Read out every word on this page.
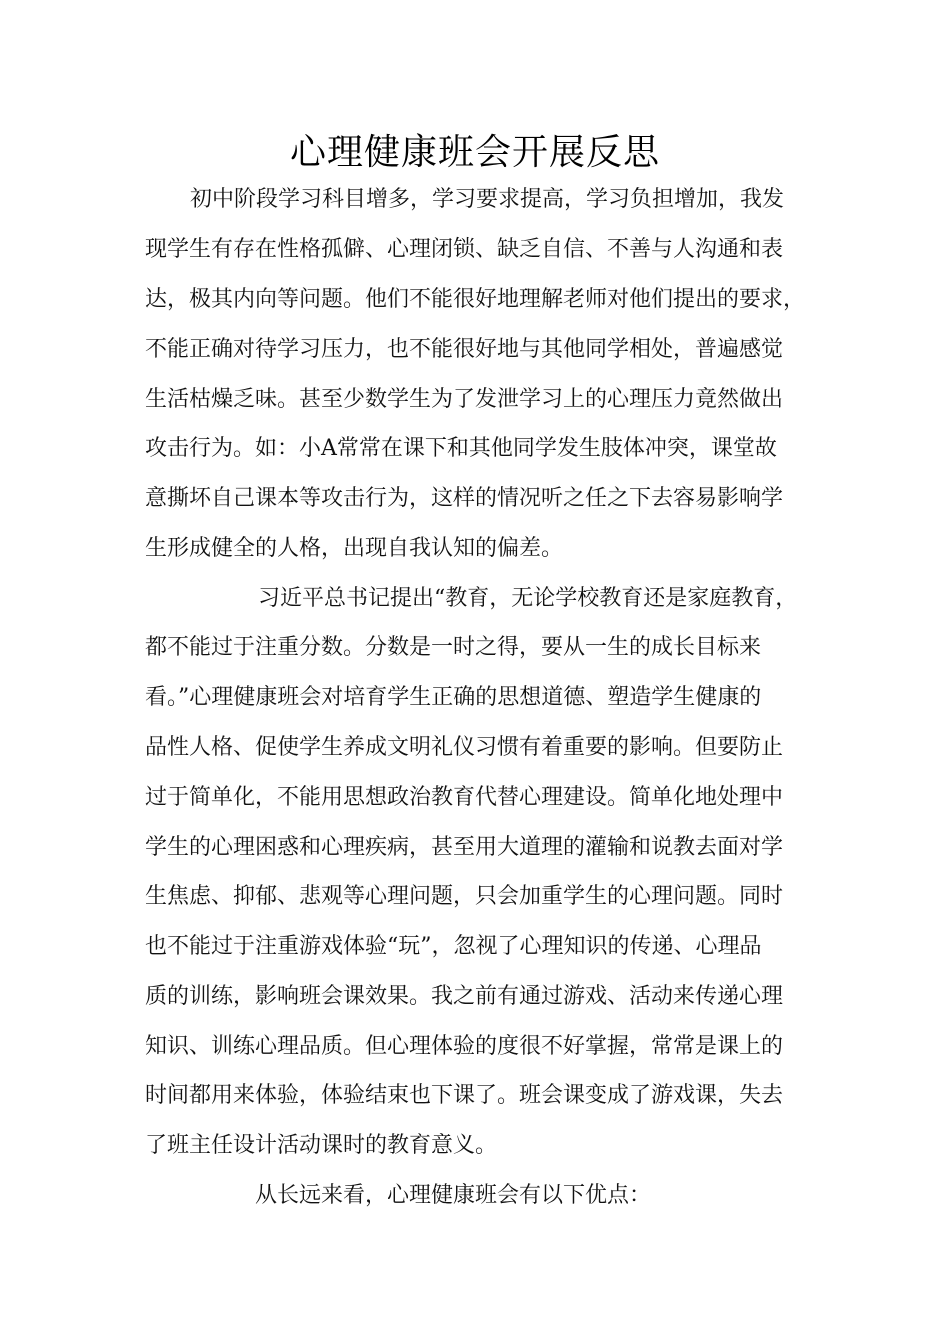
心理健康班会开展反思
初中阶段学习科目增多，学习要求提高，学习负担增加，我发
现学生有存在性格孤僻、心理闭锁、缺乏自信、不善与人沟通和表
达，极其内向等问题。他们不能很好地理解老师对他们提出的要求，
不能正确对待学习压力，也不能很好地与其他同学相处，普遍感觉
生活枯燥乏味。甚至少数学生为了发泄学习上的心理压力竟然做出
攻击行为。如：小A常常在课下和其他同学发生肢体冲突，课堂故
意撕坏自己课本等攻击行为，这样的情况听之任之下去容易影响学
生形成健全的人格，出现自我认知的偏差。
习近平总书记提出“教育，无论学校教育还是家庭教育，
都不能过于注重分数。分数是一时之得，要从一生的成长目标来
看。”心理健康班会对培育学生正确的思想道德、塑造学生健康的
品性人格、促使学生养成文明礼仪习惯有着重要的影响。但要防止
过于简单化，不能用思想政治教育代替心理建设。简单化地处理中
学生的心理困惑和心理疾病，甚至用大道理的灌输和说教去面对学
生焦虑、抑郁、悲观等心理问题，只会加重学生的心理问题。同时
也不能过于注重游戏体验“玩”，忽视了心理知识的传递、心理品
质的训练，影响班会课效果。我之前有通过游戏、活动来传递心理
知识、训练心理品质。但心理体验的度很不好掌握，常常是课上的
时间都用来体验，体验结束也下课了。班会课变成了游戏课，失去
了班主任设计活动课时的教育意义。
从长远来看，心理健康班会有以下优点：
